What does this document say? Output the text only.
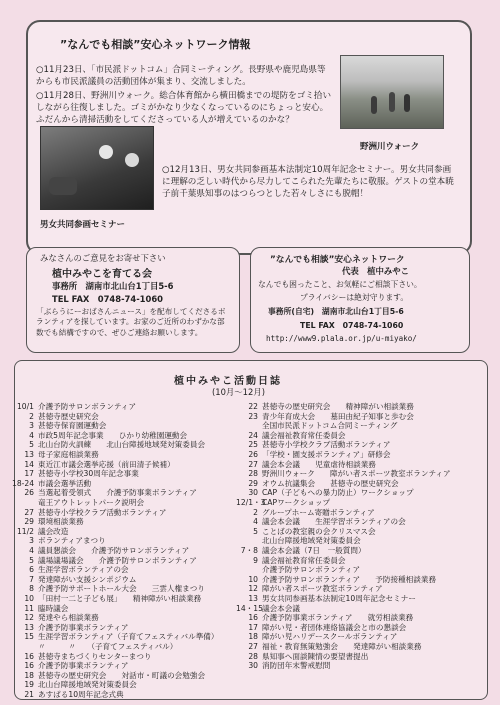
”なんでも相談”安心ネットワーク情報
野洲川ウォーク
○11月23日、「市民派ドットコム」合同ミーティング。長野県や鹿児島県等からも市民派議員の活動団体が集まり、交流しました。
○11月28日、野洲川ウォーク。総合体育館から横田橋までの堤防をゴミ拾いしながら往復しました。ゴミがかなり少なくなっているのにちょっと安心。ふだんから清掃活動をしてくださっている人が増えているのかな？
男女共同参画セミナー
○12月13日、男女共同参画基本法制定10周年記念セミナー。男女共同参画に理解の乏しい時代から尽力してこられた先輩たちに敬服。ゲストの堂本暁子前千葉県知事のはつらつとした若々しさにも脱帽！
みなさんのご意見をお寄せ下さい
植中みやこを育てる会
事務所　湖南市北山台1丁目5-6
TEL FAX　0748-74-1060
「ぶらうにーおばさんニュース」を配布してくださるボランティアを探しています。お家のご近所のわずかな部数でも結構ですので、ぜひご連絡お願いします。
”なんでも相談”安心ネットワーク
代表　植中みやこ
なんでも困ったこと、お気軽にご相談下さい。
プライバシーは絶対守ります。
事務所(自宅)　湖南市北山台1丁目5-6
TEL FAX　0748-74-1060
http://www9.plala.or.jp/u-miyako/
植中みやこ活動日誌
(10月～12月)
10/1 介護予防サロンボランティア
2 甚徳寺歴史研究会
3 甚徳寺保育園運動会
4 市政5周年記念事業　　ひかり幼稚園運動会
5 北山台防火訓練　　北山台障援地域発対策委員会
13 母子家庭相談業務
14 東近江市議会選挙応援（前田清子候補）
17 甚徳寺小学校30周年記念事業
18-24 市議会選挙活動
26 当選起着受領式　　介護予防事業ボランティア
竜王アウトレットパーク説明会
27 甚徳寺小学校クラブ活動ボランティア
29 環境相談業務
11/2 議会改造
3 ボランティアまつり
4 議員懇談会　　介護予防サロンボランティア
5 議場議場議会　　介護予防サロンボランティア
6 生涯学習ボランティアの会
7 発達障がい支援シンポジウム
8 介護予防サポートホール大会　　三雲人権まつり
10 「田村一二と子ども展」　　精神障がい相談業務
11 臨時議会
12 発達やら相談業務
13 介護予防事業ボランティア
15 生涯学習ボランティア（子育てフェスティバル準備）
〃　　　〃　　（子育てフェスティバル）
16 甚徳寺まちづくりセンターまつり
16 介護予防事業ボランティア
18 甚徳寺の歴史研究会　　対話市・町議の会勉強会
19 北山台障援地域発対策委員会
21 あすぱる10周年記念式典
22 甚徳寺の歴史研究会　　精神障がい相談業務
23 青少年育成大会　　墓田由紀子知事と歩む会
全国市民派ドットコム合同ミーティング
24 議会福祉教育常任委員会
25 甚徳寺小学校クラブ活動ボランティア
26 「学校・園支援ボランティア」研修会
27 議会本会議　　児童虐待相談業務
28 野洲川ウォーク　　障がい者スポーツ教室ボランティア
29 オウム抗議集会　　甚徳寺の歴史研究会
30 CAP（子どもへの暴力防止）ワークショップ
12/1・3CAPワークショップ
2 グループホーム寄贈ボランティア
4 議会本会議　　生涯学習ボランティアの会
5 ことばの教室親の会クリスマス会
北山台障援地域発対策委員会
7・8 議会本会議（7日　一般質問）
9 議会福祉教育常任委員会
介護予防サロンボランティア
10 介護予防サロンボランティア　　予防接種相談業務
12 障がい者スポーツ教室ボランティア
13 男女共同参画基本法制定10周年記念セミナー
14・15議会本会議
16 介護予防事業ボランティア　　就労相談業務
17 障がい児・者団体連絡協議会と市の懇談会
18 障がい児ハリデースクールボランティア
27 福祉・教育無策勉強会　　発達障がい相談業務
28 県知事へ面談陳情の要望書提出
30 消防団年末警戒慰問
